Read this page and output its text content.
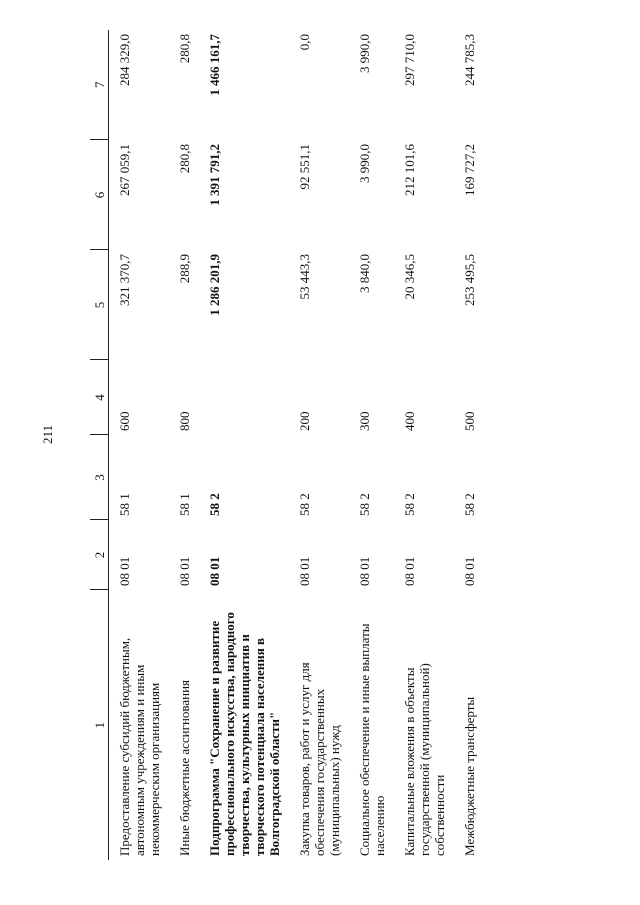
211
1	2	3	4	5	6	7
Предоставление субсидий бюджетным, автономным учреждениям и иным некоммерческим организациям	08 01	58 1	600	321 370,7	267 059,1	284 329,0
Иные бюджетные ассигнования	08 01	58 1	800	288,9	280,8	280,8
Подпрограмма "Сохранение и развитие профессионального искусства, народного творчества, культурных инициатив и творческого потенциала населения в Волгоградской области"	08 01	58 2		1 286 201,9	1 391 791,2	1 466 161,7
Закупка товаров, работ и услуг для обеспечения государственных (муниципальных) нужд	08 01	58 2	200	53 443,3	92 551,1	0,0
Социальное обеспечение и иные выплаты населению	08 01	58 2	300	3 840,0	3 990,0	3 990,0
Капитальные вложения в объекты государственной (муниципальной) собственности	08 01	58 2	400	20 346,5	212 101,6	297 710,0
Межбюджетные трансферты	08 01	58 2	500	253 495,5	169 727,2	244 785,3
